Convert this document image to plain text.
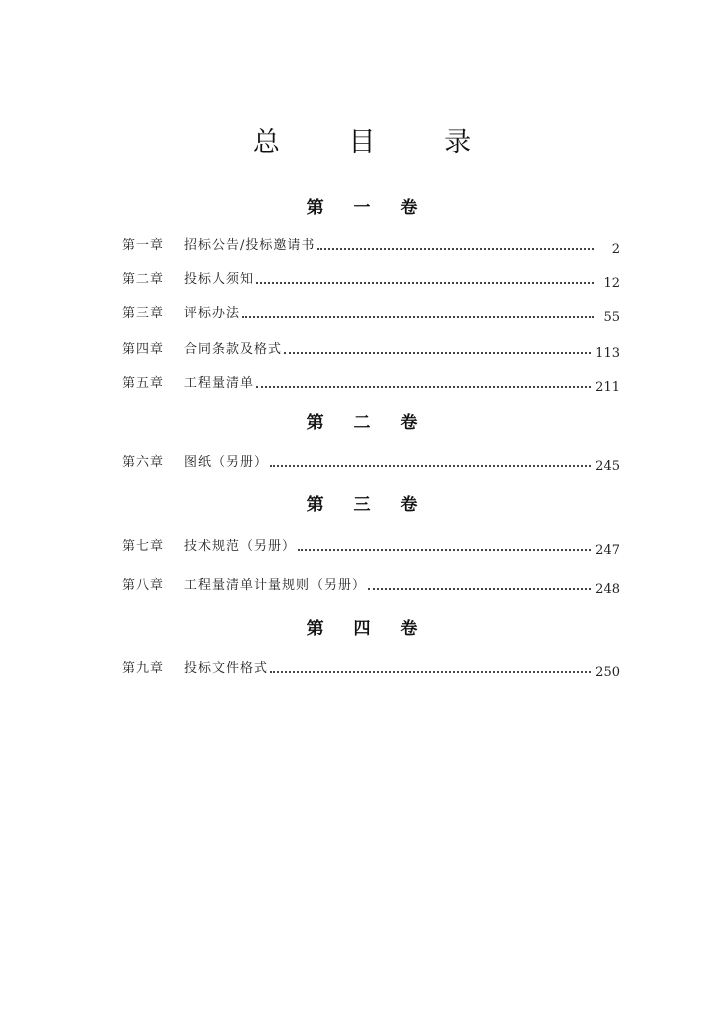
总 目 录
第 一 卷
第一章	招标公告/投标邀请书	2
第二章	投标人须知	12
第三章	评标办法	55
第四章	合同条款及格式	113
第五章	工程量清单	211
第 二 卷
第六章	图纸（另册）	245
第 三 卷
第七章	技术规范（另册）	247
第八章	工程量清单计量规则（另册）	248
第 四 卷
第九章	投标文件格式	250
